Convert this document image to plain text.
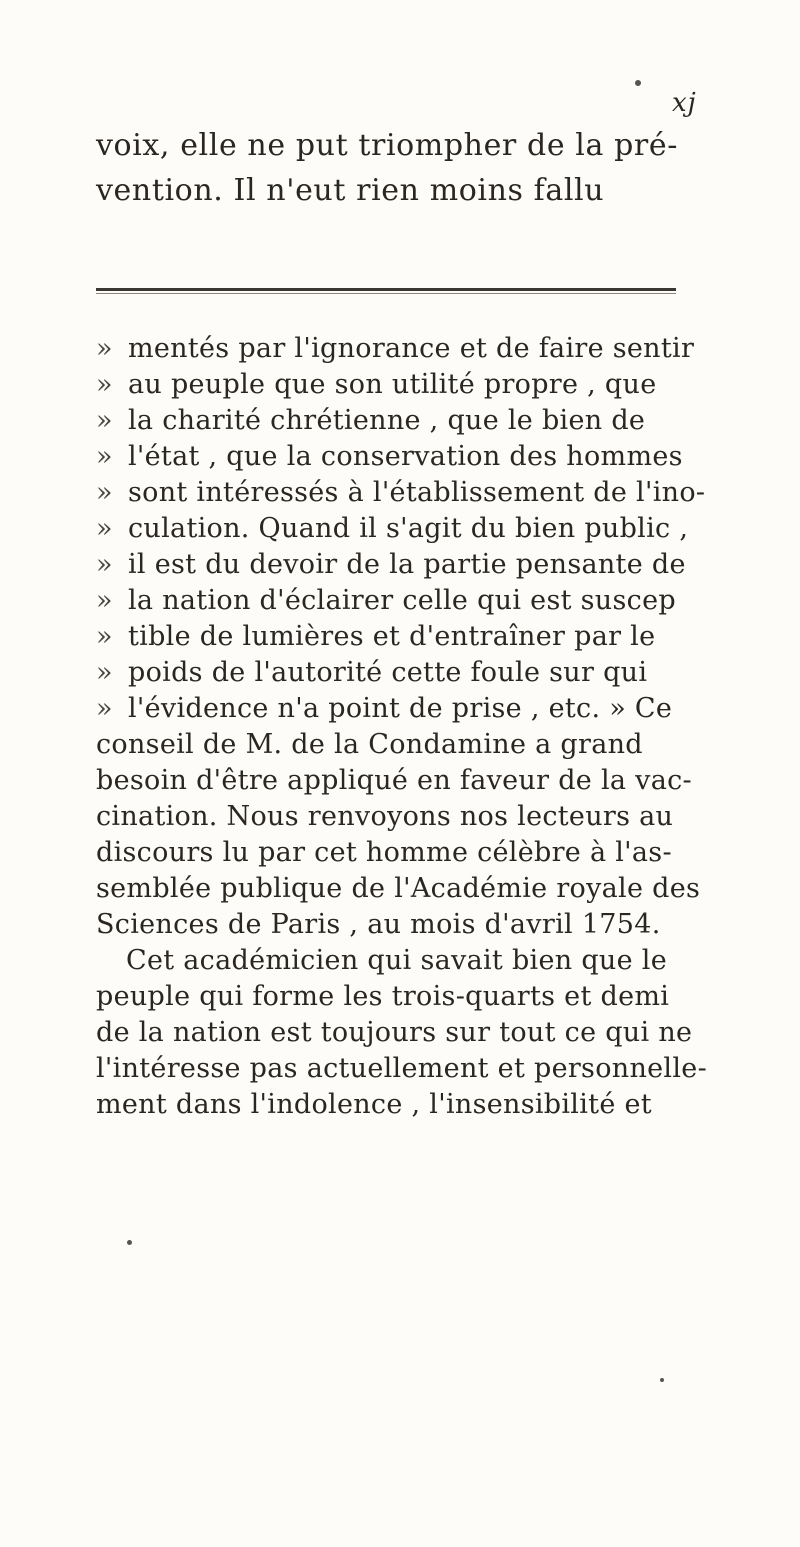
xj
voix, elle ne put triompher de la pré-
vention. Il n'eut rien moins fallu
» mentés par l'ignorance et de faire sentir
» au peuple que son utilité propre , que
» la charité chrétienne , que le bien de
» l'état , que la conservation des hommes
» sont intéressés à l'établissement de l'ino-
» culation. Quand il s'agit du bien public ,
» il est du devoir de la partie pensante de
» la nation d'éclairer celle qui est suscep
» tible de lumières et d'entraîner par le
» poids de l'autorité cette foule sur qui
» l'évidence n'a point de prise , etc. » Ce
conseil de M. de la Condamine a grand
besoin d'être appliqué en faveur de la vac-
cination. Nous renvoyons nos lecteurs au
discours lu par cet homme célèbre à l'as-
semblée publique de l'Académie royale des
Sciences de Paris , au mois d'avril 1754.
Cet académicien qui savait bien que le
peuple qui forme les trois-quarts et demi
de la nation est toujours sur tout ce qui ne
l'intéresse pas actuellement et personnelle-
ment dans l'indolence , l'insensibilité et
